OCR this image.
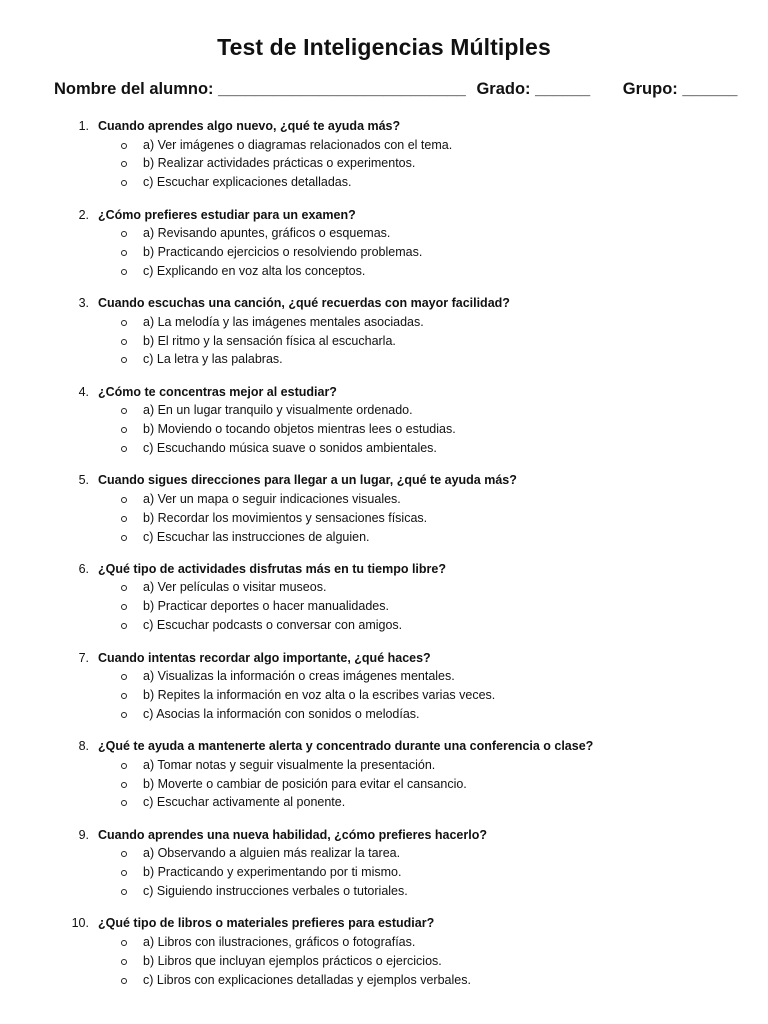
Test de Inteligencias Múltiples
Nombre del alumno: ___________________________ Grado: ______ Grupo: ______
1. Cuando aprendes algo nuevo, ¿qué te ayuda más?
a) Ver imágenes o diagramas relacionados con el tema.
b) Realizar actividades prácticas o experimentos.
c) Escuchar explicaciones detalladas.
2. ¿Cómo prefieres estudiar para un examen?
a) Revisando apuntes, gráficos o esquemas.
b) Practicando ejercicios o resolviendo problemas.
c) Explicando en voz alta los conceptos.
3. Cuando escuchas una canción, ¿qué recuerdas con mayor facilidad?
a) La melodía y las imágenes mentales asociadas.
b) El ritmo y la sensación física al escucharla.
c) La letra y las palabras.
4. ¿Cómo te concentras mejor al estudiar?
a) En un lugar tranquilo y visualmente ordenado.
b) Moviendo o tocando objetos mientras lees o estudias.
c) Escuchando música suave o sonidos ambientales.
5. Cuando sigues direcciones para llegar a un lugar, ¿qué te ayuda más?
a) Ver un mapa o seguir indicaciones visuales.
b) Recordar los movimientos y sensaciones físicas.
c) Escuchar las instrucciones de alguien.
6. ¿Qué tipo de actividades disfrutas más en tu tiempo libre?
a) Ver películas o visitar museos.
b) Practicar deportes o hacer manualidades.
c) Escuchar podcasts o conversar con amigos.
7. Cuando intentas recordar algo importante, ¿qué haces?
a) Visualizas la información o creas imágenes mentales.
b) Repites la información en voz alta o la escribes varias veces.
c) Asocias la información con sonidos o melodías.
8. ¿Qué te ayuda a mantenerte alerta y concentrado durante una conferencia o clase?
a) Tomar notas y seguir visualmente la presentación.
b) Moverte o cambiar de posición para evitar el cansancio.
c) Escuchar activamente al ponente.
9. Cuando aprendes una nueva habilidad, ¿cómo prefieres hacerlo?
a) Observando a alguien más realizar la tarea.
b) Practicando y experimentando por ti mismo.
c) Siguiendo instrucciones verbales o tutoriales.
10. ¿Qué tipo de libros o materiales prefieres para estudiar?
a) Libros con ilustraciones, gráficos o fotografías.
b) Libros que incluyan ejemplos prácticos o ejercicios.
c) Libros con explicaciones detalladas y ejemplos verbales.
